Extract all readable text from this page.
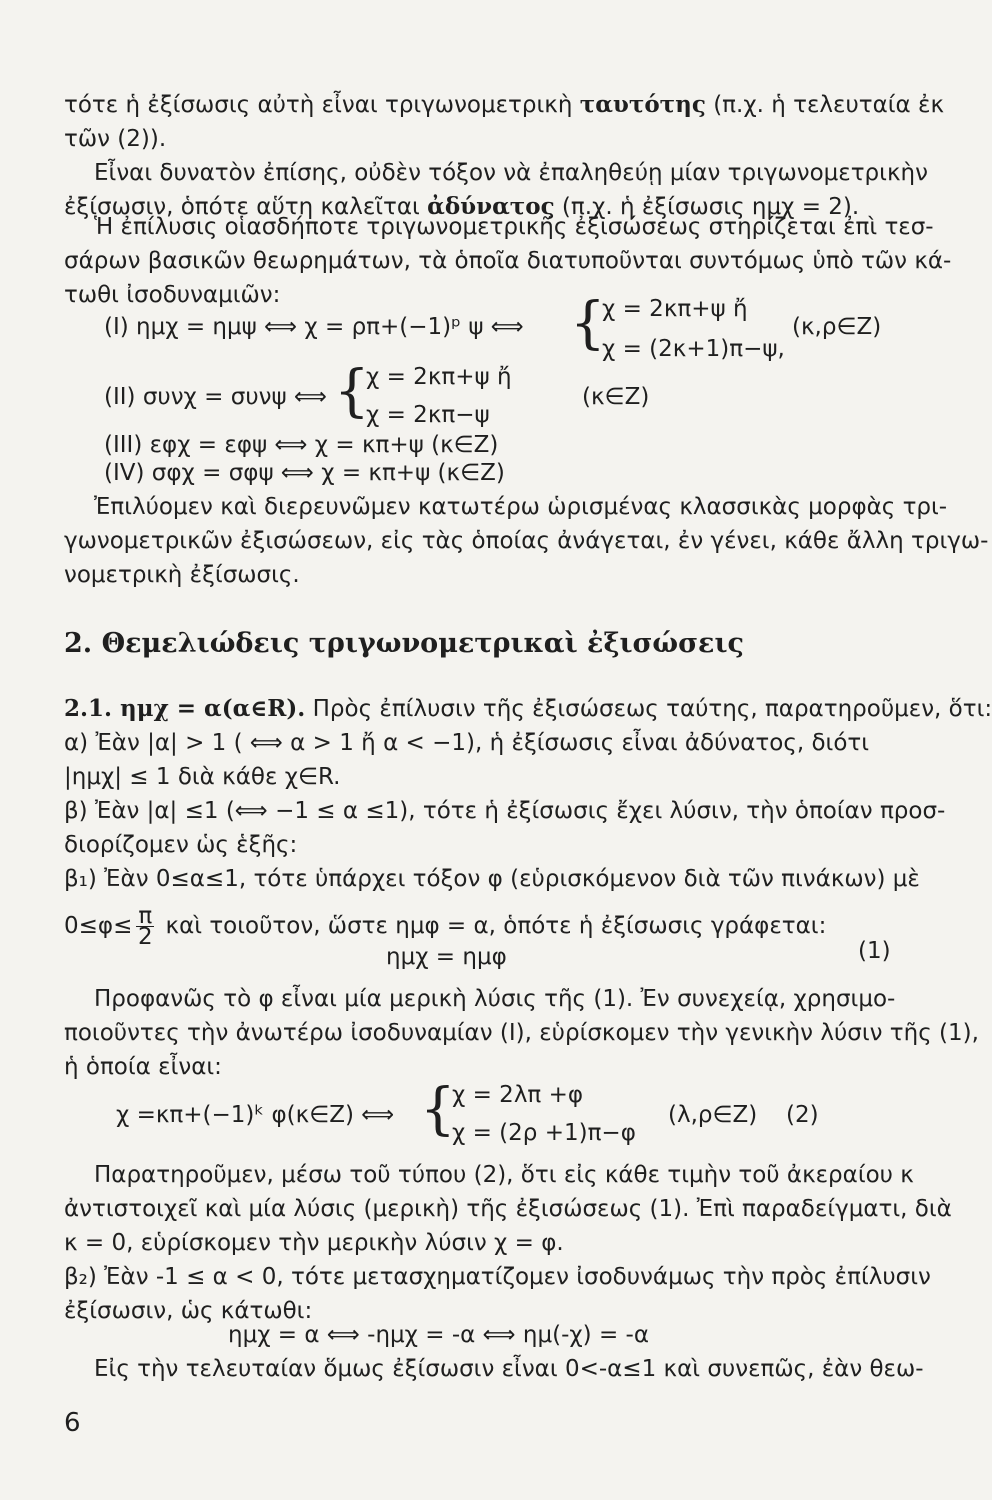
τότε ἡ ἐξίσωσις αὐτὴ εἶναι τριγωνομετρικὴ ταυτότης (π.χ. ἡ τελευταία ἐκ
τῶν (2)).
Εἶναι δυνατὸν ἐπίσης, οὐδὲν τόξον νὰ ἐπαληθεύῃ μίαν τριγωνομετρικὴν
ἐξίσωσιν, ὁπότε αὕτη καλεῖται ἀδύνατος (π.χ. ἡ ἐξίσωσις ημχ = 2).
Ἡ ἐπίλυσις οἱασδήποτε τριγωνομετρικῆς ἐξισώσεως στηρίζεται ἐπὶ τεσ-
σάρων βασικῶν θεωρημάτων, τὰ ὁποῖα διατυποῦνται συντόμως ὑπὸ τῶν κά-
τωθι ἰσοδυναμιῶν:
(I) ημχ = ημψ ⟺ χ = ρπ+(−1)ᵖ ψ ⟺ {
χ = 2κπ+ψ ἤ
χ = (2κ+1)π−ψ,
(κ,ρ∈Z)
(II) συνχ = συνψ ⟺ {
χ = 2κπ+ψ ἤ
χ = 2κπ−ψ
(κ∈Z)
(III) εφχ = εφψ ⟺ χ = κπ+ψ (κ∈Z)
(IV) σφχ = σφψ ⟺ χ = κπ+ψ (κ∈Z)
Ἐπιλύομεν καὶ διερευνῶμεν κατωτέρω ὡρισμένας κλασσικὰς μορφὰς τρι-
γωνομετρικῶν ἐξισώσεων, εἰς τὰς ὁποίας ἀνάγεται, ἐν γένει, κάθε ἄλλη τριγω-
νομετρικὴ ἐξίσωσις.
2. Θεμελιώδεις τριγωνομετρικαὶ ἐξισώσεις
2.1. ημχ = α(α∈R). Πρὸς ἐπίλυσιν τῆς ἐξισώσεως ταύτης, παρατηροῦμεν, ὅτι:
α) Ἐὰν |α| > 1 ( ⟺ α > 1 ἤ α < −1), ἡ ἐξίσωσις εἶναι ἀδύνατος, διότι
|ημχ| ≤ 1 διὰ κάθε χ∈R.
β) Ἐὰν |α| ≤1 (⟺ −1 ≤ α ≤1), τότε ἡ ἐξίσωσις ἔχει λύσιν, τὴν ὁποίαν προσ-
διορίζομεν ὡς ἑξῆς:
β₁) Ἐὰν 0≤α≤1, τότε ὑπάρχει τόξον φ (εὑρισκόμενον διὰ τῶν πινάκων) μὲ
$0\le\varphi\le \frac{\pi}{2}$ καὶ τοιοῦτον, ὥστε ημφ = α, ὁπότε ἡ ἐξίσωσις γράφεται:
ημχ = ημφ	(1)
Προφανῶς τὸ φ εἶναι μία μερικὴ λύσις τῆς (1). Ἐν συνεχείᾳ, χρησιμο-
ποιοῦντες τὴν ἀνωτέρω ἰσοδυναμίαν (I), εὑρίσκομεν τὴν γενικὴν λύσιν τῆς (1),
ἡ ὁποία εἶναι:
χ =κπ+(−1)ᵏ φ(κ∈Z) ⟺ {
χ = 2λπ +φ
χ = (2ρ +1)π−φ
(λ,ρ∈Z) (2)
Παρατηροῦμεν, μέσω τοῦ τύπου (2), ὅτι εἰς κάθε τιμὴν τοῦ ἀκεραίου κ
ἀντιστοιχεῖ καὶ μία λύσις (μερικὴ) τῆς ἐξισώσεως (1). Ἐπὶ παραδείγματι, διὰ
κ = 0, εὑρίσκομεν τὴν μερικὴν λύσιν χ = φ.
β₂) Ἐὰν -1 ≤ α < 0, τότε μετασχηματίζομεν ἰσοδυνάμως τὴν πρὸς ἐπίλυσιν
ἐξίσωσιν, ὡς κάτωθι:
ημχ = α ⟺ -ημχ = -α ⟺ ημ(-χ) = -α
Εἰς τὴν τελευταίαν ὅμως ἐξίσωσιν εἶναι 0<-α≤1 καὶ συνεπῶς, ἐὰν θεω-
6
